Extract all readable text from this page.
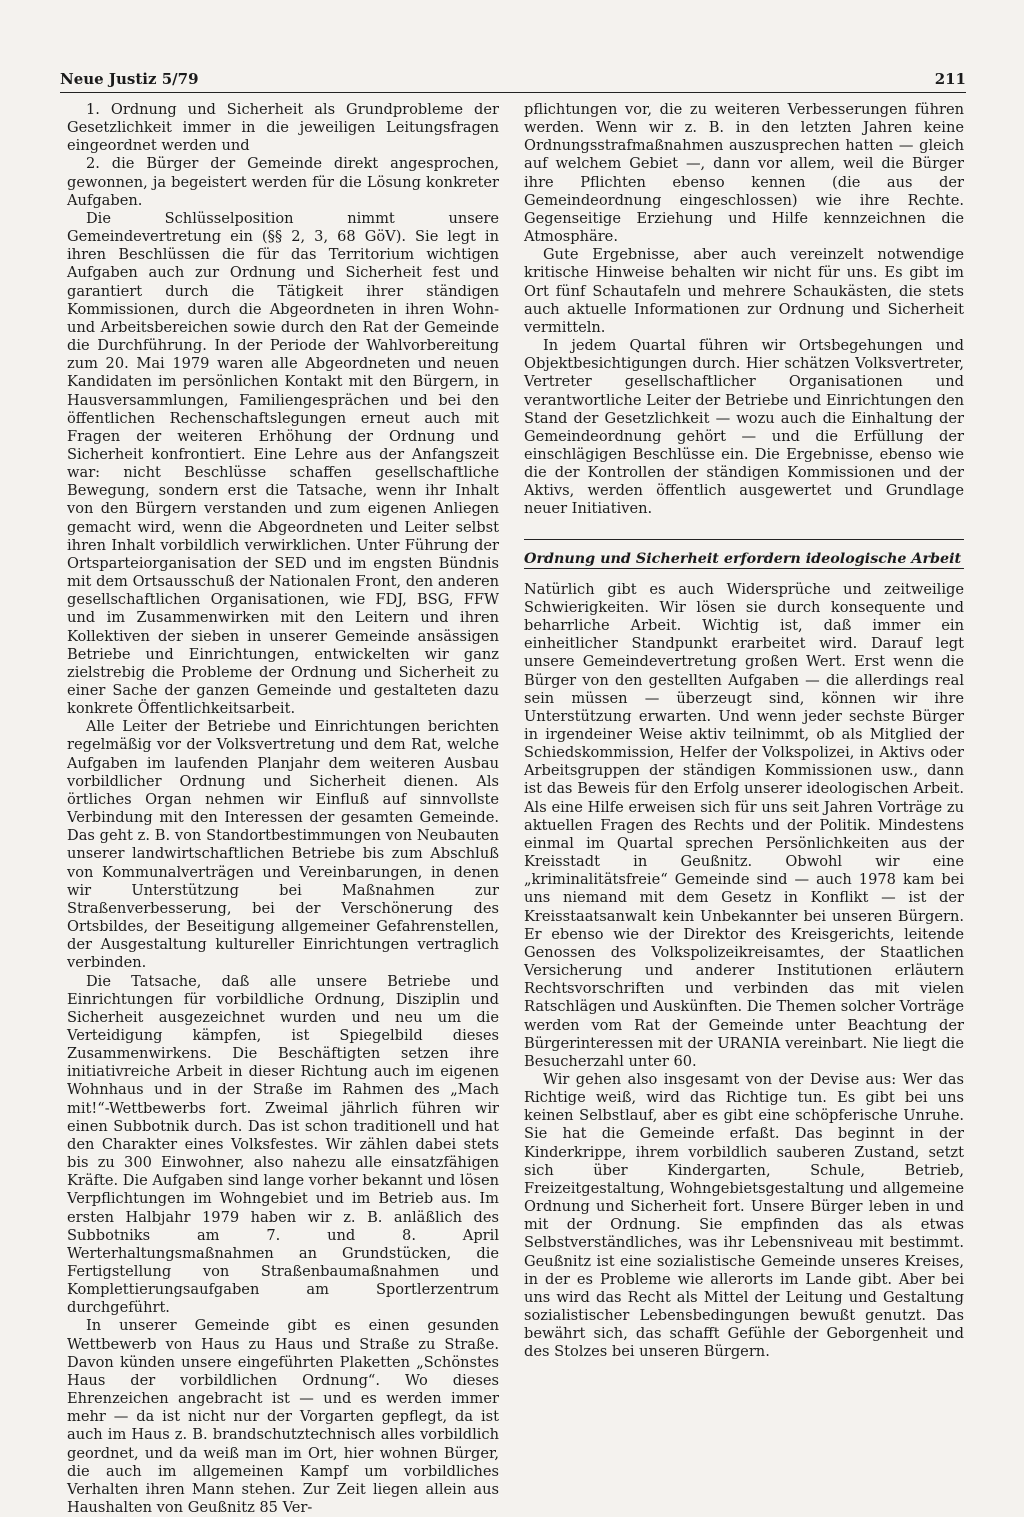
Neue Justiz 5/79	211

1. Ordnung und Sicherheit als Grundprobleme der Gesetzlichkeit immer in die jeweiligen Leitungsfragen eingeordnet werden und

2. die Bürger der Gemeinde direkt angesprochen, gewonnen, ja begeistert werden für die Lösung konkreter Aufgaben.

Die Schlüsselposition nimmt unsere Gemeindevertretung ein (§§ 2, 3, 68 GöV). Sie legt in ihren Beschlüssen die für das Territorium wichtigen Aufgaben auch zur Ordnung und Sicherheit fest und garantiert durch die Tätigkeit ihrer ständigen Kommissionen, durch die Abgeordneten in ihren Wohn- und Arbeitsbereichen sowie durch den Rat der Gemeinde die Durchführung. In der Periode der Wahlvorbereitung zum 20. Mai 1979 waren alle Abgeordneten und neuen Kandidaten im persönlichen Kontakt mit den Bürgern, in Hausversammlungen, Familiengesprächen und bei den öffentlichen Rechenschaftslegungen erneut auch mit Fragen der weiteren Erhöhung der Ordnung und Sicherheit konfrontiert. Eine Lehre aus der Anfangszeit war: nicht Beschlüsse schaffen gesellschaftliche Bewegung, sondern erst die Tatsache, wenn ihr Inhalt von den Bürgern verstanden und zum eigenen Anliegen gemacht wird, wenn die Abgeordneten und Leiter selbst ihren Inhalt vorbildlich verwirklichen. Unter Führung der Ortsparteiorganisation der SED und im engsten Bündnis mit dem Ortsausschuß der Nationalen Front, den anderen gesellschaftlichen Organisationen, wie FDJ, BSG, FFW und im Zusammenwirken mit den Leitern und ihren Kollektiven der sieben in unserer Gemeinde ansässigen Betriebe und Einrichtungen, entwickelten wir ganz zielstrebig die Probleme der Ordnung und Sicherheit zu einer Sache der ganzen Gemeinde und gestalteten dazu konkrete Öffentlichkeitsarbeit.

Alle Leiter der Betriebe und Einrichtungen berichten regelmäßig vor der Volksvertretung und dem Rat, welche Aufgaben im laufenden Planjahr dem weiteren Ausbau vorbildlicher Ordnung und Sicherheit dienen. Als örtliches Organ nehmen wir Einfluß auf sinnvollste Verbindung mit den Interessen der gesamten Gemeinde. Das geht z. B. von Standortbestimmungen von Neubauten unserer landwirtschaftlichen Betriebe bis zum Abschluß von Kommunalverträgen und Vereinbarungen, in denen wir Unterstützung bei Maßnahmen zur Straßenverbesserung, bei der Verschönerung des Ortsbildes, der Beseitigung allgemeiner Gefahrenstellen, der Ausgestaltung kultureller Einrichtungen vertraglich verbinden.

Die Tatsache, daß alle unsere Betriebe und Einrichtungen für vorbildliche Ordnung, Disziplin und Sicherheit ausgezeichnet wurden und neu um die Verteidigung kämpfen, ist Spiegelbild dieses Zusammenwirkens. Die Beschäftigten setzen ihre initiativreiche Arbeit in dieser Richtung auch im eigenen Wohnhaus und in der Straße im Rahmen des „Mach mit!“-Wettbewerbs fort. Zweimal jährlich führen wir einen Subbotnik durch. Das ist schon traditionell und hat den Charakter eines Volksfestes. Wir zählen dabei stets bis zu 300 Einwohner, also nahezu alle einsatzfähigen Kräfte. Die Aufgaben sind lange vorher bekannt und lösen Verpflichtungen im Wohngebiet und im Betrieb aus. Im ersten Halbjahr 1979 haben wir z. B. anläßlich des Subbotniks am 7. und 8. April Werterhaltungsmaßnahmen an Grundstücken, die Fertigstellung von Straßenbaumaßnahmen und Komplettierungsaufgaben am Sportlerzentrum durchgeführt.

In unserer Gemeinde gibt es einen gesunden Wettbewerb von Haus zu Haus und Straße zu Straße. Davon künden unsere eingeführten Plaketten „Schönstes Haus der vorbildlichen Ordnung“. Wo dieses Ehrenzeichen angebracht ist — und es werden immer mehr — da ist nicht nur der Vorgarten gepflegt, da ist auch im Haus z. B. brandschutztechnisch alles vorbildlich geordnet, und da weiß man im Ort, hier wohnen Bürger, die auch im allgemeinen Kampf um vorbildliches Verhalten ihren Mann stehen. Zur Zeit liegen allein aus Haushalten von Geußnitz 85 Ver-

pflichtungen vor, die zu weiteren Verbesserungen führen werden. Wenn wir z. B. in den letzten Jahren keine Ordnungsstrafmaßnahmen auszusprechen hatten — gleich auf welchem Gebiet —, dann vor allem, weil die Bürger ihre Pflichten ebenso kennen (die aus der Gemeindeordnung eingeschlossen) wie ihre Rechte. Gegenseitige Erziehung und Hilfe kennzeichnen die Atmosphäre.

Gute Ergebnisse, aber auch vereinzelt notwendige kritische Hinweise behalten wir nicht für uns. Es gibt im Ort fünf Schautafeln und mehrere Schaukästen, die stets auch aktuelle Informationen zur Ordnung und Sicherheit vermitteln.

In jedem Quartal führen wir Ortsbegehungen und Objektbesichtigungen durch. Hier schätzen Volksvertreter, Vertreter gesellschaftlicher Organisationen und verantwortliche Leiter der Betriebe und Einrichtungen den Stand der Gesetzlichkeit — wozu auch die Einhaltung der Gemeindeordnung gehört — und die Erfüllung der einschlägigen Beschlüsse ein. Die Ergebnisse, ebenso wie die der Kontrollen der ständigen Kommissionen und der Aktivs, werden öffentlich ausgewertet und Grundlage neuer Initiativen.

Ordnung und Sicherheit erfordern ideologische Arbeit

Natürlich gibt es auch Widersprüche und zeitweilige Schwierigkeiten. Wir lösen sie durch konsequente und beharrliche Arbeit. Wichtig ist, daß immer ein einheitlicher Standpunkt erarbeitet wird. Darauf legt unsere Gemeindevertretung großen Wert. Erst wenn die Bürger von den gestellten Aufgaben — die allerdings real sein müssen — überzeugt sind, können wir ihre Unterstützung erwarten. Und wenn jeder sechste Bürger in irgendeiner Weise aktiv teilnimmt, ob als Mitglied der Schiedskommission, Helfer der Volkspolizei, in Aktivs oder Arbeitsgruppen der ständigen Kommissionen usw., dann ist das Beweis für den Erfolg unserer ideologischen Arbeit. Als eine Hilfe erweisen sich für uns seit Jahren Vorträge zu aktuellen Fragen des Rechts und der Politik. Mindestens einmal im Quartal sprechen Persönlichkeiten aus der Kreisstadt in Geußnitz. Obwohl wir eine „kriminalitätsfreie“ Gemeinde sind — auch 1978 kam bei uns niemand mit dem Gesetz in Konflikt — ist der Kreisstaatsanwalt kein Unbekannter bei unseren Bürgern. Er ebenso wie der Direktor des Kreisgerichts, leitende Genossen des Volkspolizeikreisamtes, der Staatlichen Versicherung und anderer Institutionen erläutern Rechtsvorschriften und verbinden das mit vielen Ratschlägen und Auskünften. Die Themen solcher Vorträge werden vom Rat der Gemeinde unter Beachtung der Bürgerinteressen mit der URANIA vereinbart. Nie liegt die Besucherzahl unter 60.

Wir gehen also insgesamt von der Devise aus: Wer das Richtige weiß, wird das Richtige tun. Es gibt bei uns keinen Selbstlauf, aber es gibt eine schöpferische Unruhe. Sie hat die Gemeinde erfaßt. Das beginnt in der Kinderkrippe, ihrem vorbildlich sauberen Zustand, setzt sich über Kindergarten, Schule, Betrieb, Freizeitgestaltung, Wohngebietsgestaltung und allgemeine Ordnung und Sicherheit fort. Unsere Bürger leben in und mit der Ordnung. Sie empfinden das als etwas Selbstverständliches, was ihr Lebensniveau mit bestimmt. Geußnitz ist eine sozialistische Gemeinde unseres Kreises, in der es Probleme wie allerorts im Lande gibt. Aber bei uns wird das Recht als Mittel der Leitung und Gestaltung sozialistischer Lebensbedingungen bewußt genutzt. Das bewährt sich, das schafft Gefühle der Geborgenheit und des Stolzes bei unseren Bürgern.
